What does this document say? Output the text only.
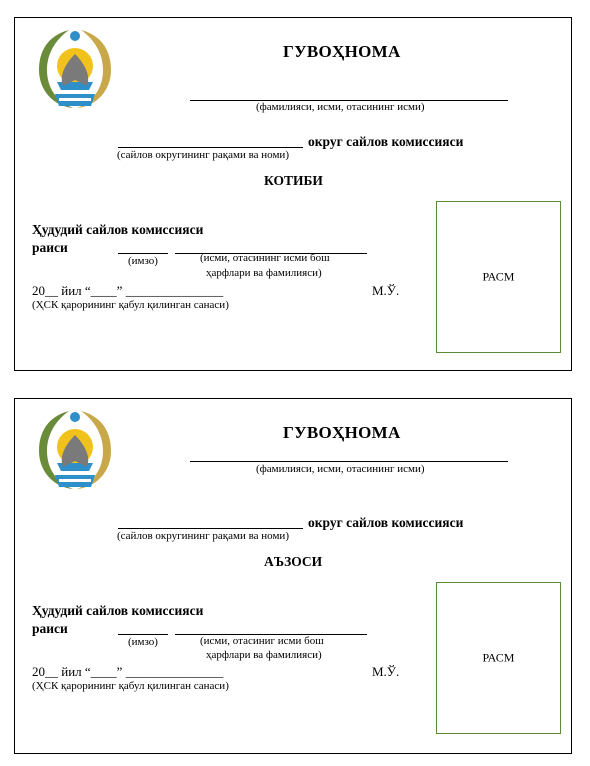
ГУВОҲНОМА
(фамилияси, исми, отасининг исми)
округ сайлов комиссияси
(сайлов округининг рақами ва номи)
КОТИБИ
Ҳудудий сайлов комиссияси
раиси
(имзо)	(исми, отасининг исми бош
ҳарфлари ва фамилияси)
20__ йил “____” _______________	М.Ў.
(ҲСК қарорининг қабул қилинган санаси)
РАСМ
ГУВОҲНОМА
(фамилияси, исми, отасининг исми)
округ сайлов комиссияси
(сайлов округининг рақами ва номи)
АЪЗОСИ
Ҳудудий сайлов комиссияси
раиси
(имзо)	(исми, отасиниг исми бош
ҳарфлари ва фамилияси)
20__ йил “____” _______________	М.Ў.
(ҲСК қарорининг қабул қилинган санаси)
РАСМ
